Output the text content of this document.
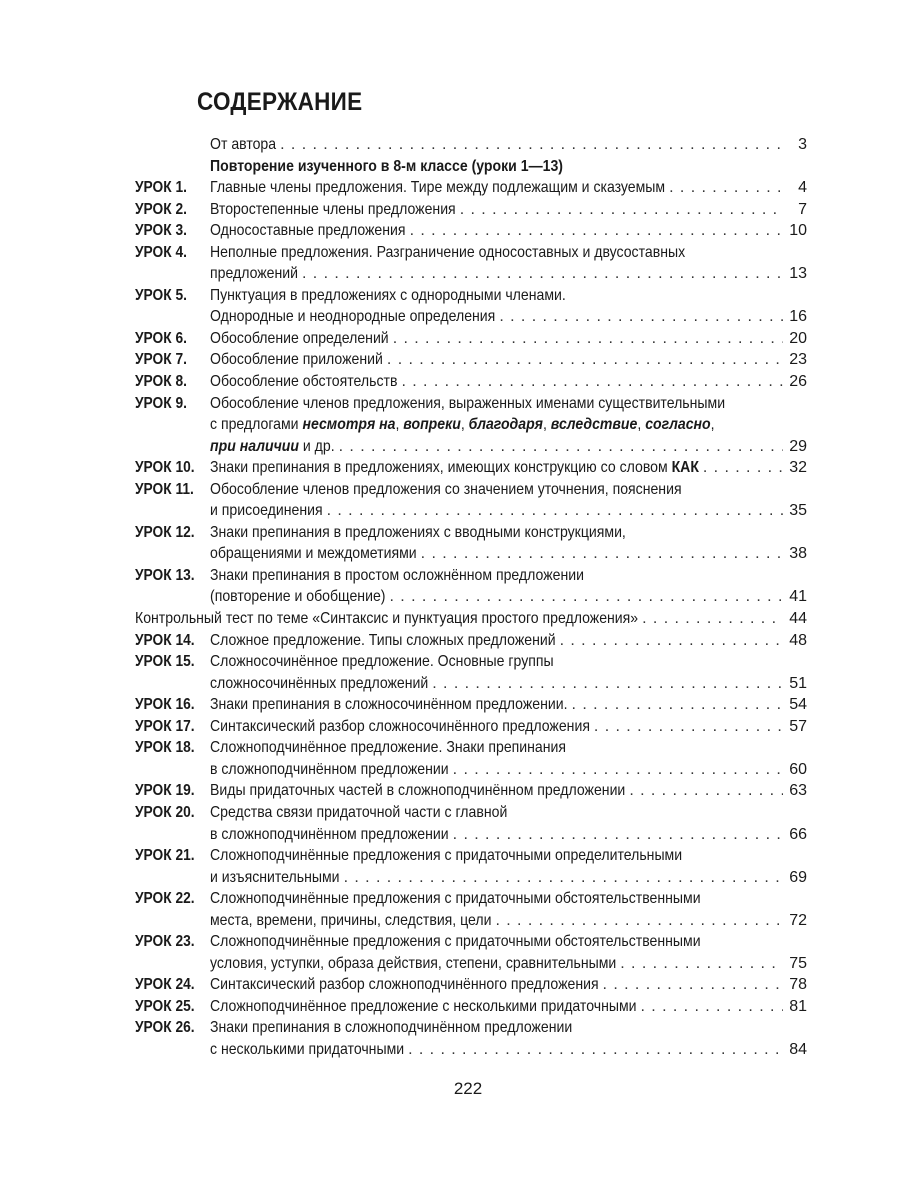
СОДЕРЖАНИЕ
От автора . . .	3
Повторение изученного в 8-м классе (уроки 1—13)
УРОК 1. Главные члены предложения. Тире между подлежащим и сказуемым . . .	4
УРОК 2. Второстепенные члены предложения . . .	7
УРОК 3. Односоставные предложения . . .	10
УРОК 4. Неполные предложения. Разграничение односоставных и двусоставных
предложений . . .	13
УРОК 5. Пунктуация в предложениях с однородными членами.
Однородные и неоднородные определения . . .	16
УРОК 6. Обособление определений . . .	20
УРОК 7. Обособление приложений . . .	23
УРОК 8. Обособление обстоятельств . . .	26
УРОК 9. Обособление членов предложения, выраженных именами существительными
с предлогами несмотря на, вопреки, благодаря, вследствие, согласно,
при наличии и др. . . .	29
УРОК 10. Знаки препинания в предложениях, имеющих конструкцию со словом КАК . . .	32
УРОК 11. Обособление членов предложения со значением уточнения, пояснения
и присоединения . . .	35
УРОК 12. Знаки препинания в предложениях с вводными конструкциями,
обращениями и междометиями . . .	38
УРОК 13. Знаки препинания в простом осложнённом предложении
(повторение и обобщение) . . .	41
Контрольный тест по теме «Синтаксис и пунктуация простого предложения» . . .	44
УРОК 14. Сложное предложение. Типы сложных предложений . . .	48
УРОК 15. Сложносочинённое предложение. Основные группы
сложносочинённых предложений . . .	51
УРОК 16. Знаки препинания в сложносочинённом предложении. . . .	54
УРОК 17. Синтаксический разбор сложносочинённого предложения . . .	57
УРОК 18. Сложноподчинённое предложение. Знаки препинания
в сложноподчинённом предложении . . .	60
УРОК 19. Виды придаточных частей в сложноподчинённом предложении . . .	63
УРОК 20. Средства связи придаточной части с главной
в сложноподчинённом предложении . . .	66
УРОК 21. Сложноподчинённые предложения с придаточными определительными
и изъяснительными . . .	69
УРОК 22. Сложноподчинённые предложения с придаточными обстоятельственными
места, времени, причины, следствия, цели . . .	72
УРОК 23. Сложноподчинённые предложения с придаточными обстоятельственными
условия, уступки, образа действия, степени, сравнительными . . .	75
УРОК 24. Синтаксический разбор сложноподчинённого предложения . . .	78
УРОК 25. Сложноподчинённое предложение с несколькими придаточными . . .	81
УРОК 26. Знаки препинания в сложноподчинённом предложении
с несколькими придаточными . . .	84
222
